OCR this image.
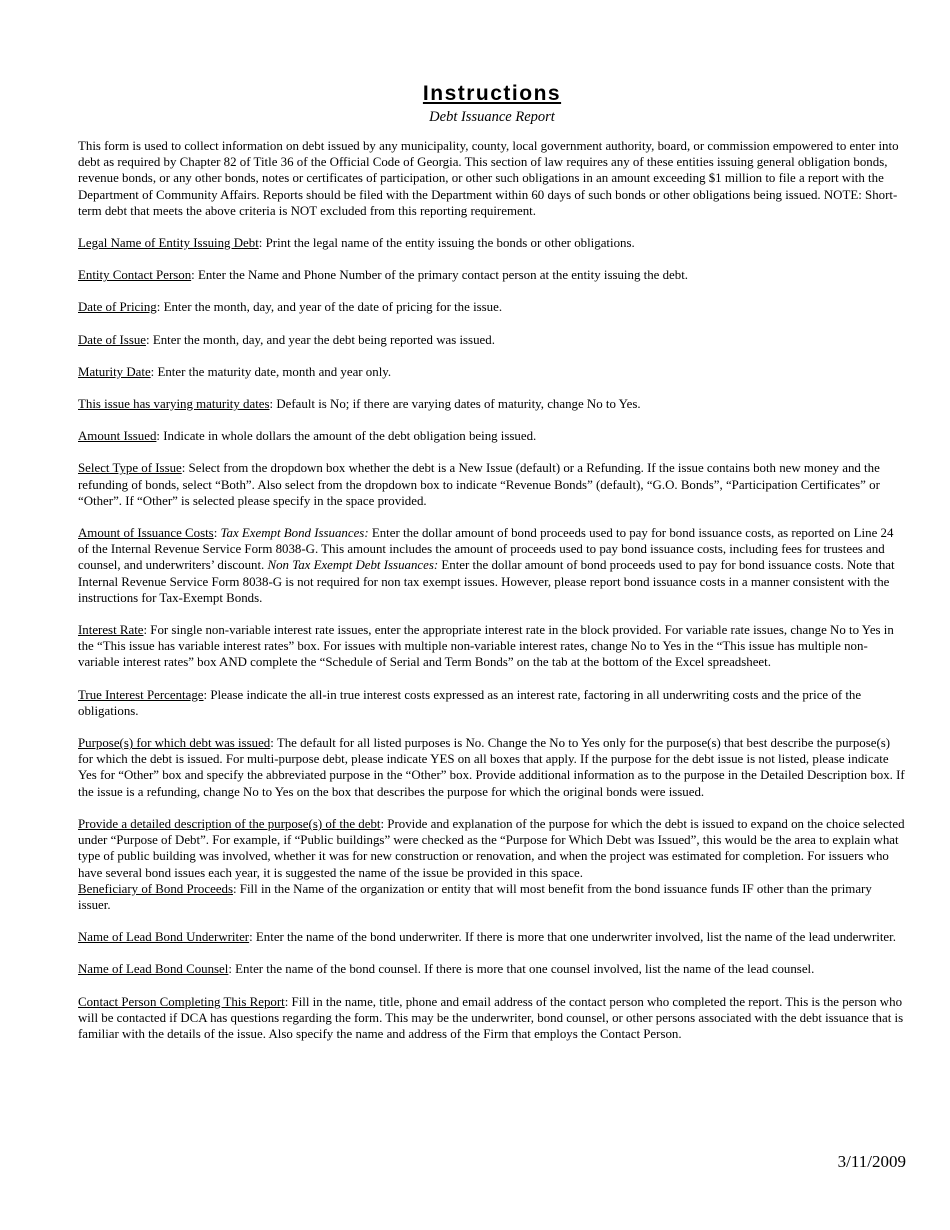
Instructions
Debt Issuance Report

This form is used to collect information on debt issued by any municipality, county, local government authority, board, or commission empowered to enter into debt as required by Chapter 82 of Title 36 of the Official Code of Georgia. This section of law requires any of these entities issuing general obligation bonds, revenue bonds, or any other bonds, notes or certificates of participation, or other such obligations in an amount exceeding $1 million to file a report with the Department of Community Affairs. Reports should be filed with the Department within 60 days of such bonds or other obligations being issued. NOTE: Short-term debt that meets the above criteria is NOT excluded from this reporting requirement.

Legal Name of Entity Issuing Debt: Print the legal name of the entity issuing the bonds or other obligations.

Entity Contact Person: Enter the Name and Phone Number of the primary contact person at the entity issuing the debt.

Date of Pricing: Enter the month, day, and year of the date of pricing for the issue.

Date of Issue: Enter the month, day, and year the debt being reported was issued.

Maturity Date: Enter the maturity date, month and year only.

This issue has varying maturity dates: Default is No; if there are varying dates of maturity, change No to Yes.

Amount Issued: Indicate in whole dollars the amount of the debt obligation being issued.

Select Type of Issue: Select from the dropdown box whether the debt is a New Issue (default) or a Refunding. If the issue contains both new money and the refunding of bonds, select “Both”. Also select from the dropdown box to indicate “Revenue Bonds” (default), “G.O. Bonds”, “Participation Certificates” or “Other”. If “Other” is selected please specify in the space provided.

Amount of Issuance Costs: Tax Exempt Bond Issuances: Enter the dollar amount of bond proceeds used to pay for bond issuance costs, as reported on Line 24 of the Internal Revenue Service Form 8038-G. This amount includes the amount of proceeds used to pay bond issuance costs, including fees for trustees and counsel, and underwriters’ discount. Non Tax Exempt Debt Issuances: Enter the dollar amount of bond proceeds used to pay for bond issuance costs. Note that Internal Revenue Service Form 8038-G is not required for non tax exempt issues. However, please report bond issuance costs in a manner consistent with the instructions for Tax-Exempt Bonds.

Interest Rate: For single non-variable interest rate issues, enter the appropriate interest rate in the block provided. For variable rate issues, change No to Yes in the “This issue has variable interest rates” box. For issues with multiple non-variable interest rates, change No to Yes in the “This issue has multiple non-variable interest rates” box AND complete the “Schedule of Serial and Term Bonds” on the tab at the bottom of the Excel spreadsheet.

True Interest Percentage: Please indicate the all-in true interest costs expressed as an interest rate, factoring in all underwriting costs and the price of the obligations.

Purpose(s) for which debt was issued: The default for all listed purposes is No. Change the No to Yes only for the purpose(s) that best describe the purpose(s) for which the debt is issued. For multi-purpose debt, please indicate YES on all boxes that apply. If the purpose for the debt issue is not listed, please indicate Yes for “Other” box and specify the abbreviated purpose in the “Other” box. Provide additional information as to the purpose in the Detailed Description box. If the issue is a refunding, change No to Yes on the box that describes the purpose for which the original bonds were issued.

Provide a detailed description of the purpose(s) of the debt: Provide and explanation of the purpose for which the debt is issued to expand on the choice selected under “Purpose of Debt”. For example, if “Public buildings” were checked as the “Purpose for Which Debt was Issued”, this would be the area to explain what type of public building was involved, whether it was for new construction or renovation, and when the project was estimated for completion. For issuers who have several bond issues each year, it is suggested the name of the issue be provided in this space.

Beneficiary of Bond Proceeds: Fill in the Name of the organization or entity that will most benefit from the bond issuance funds IF other than the primary issuer.

Name of Lead Bond Underwriter: Enter the name of the bond underwriter. If there is more that one underwriter involved, list the name of the lead underwriter.

Name of Lead Bond Counsel: Enter the name of the bond counsel. If there is more that one counsel involved, list the name of the lead counsel.

Contact Person Completing This Report: Fill in the name, title, phone and email address of the contact person who completed the report. This is the person who will be contacted if DCA has questions regarding the form. This may be the underwriter, bond counsel, or other persons associated with the debt issuance that is familiar with the details of the issue. Also specify the name and address of the Firm that employs the Contact Person.

3/11/2009
